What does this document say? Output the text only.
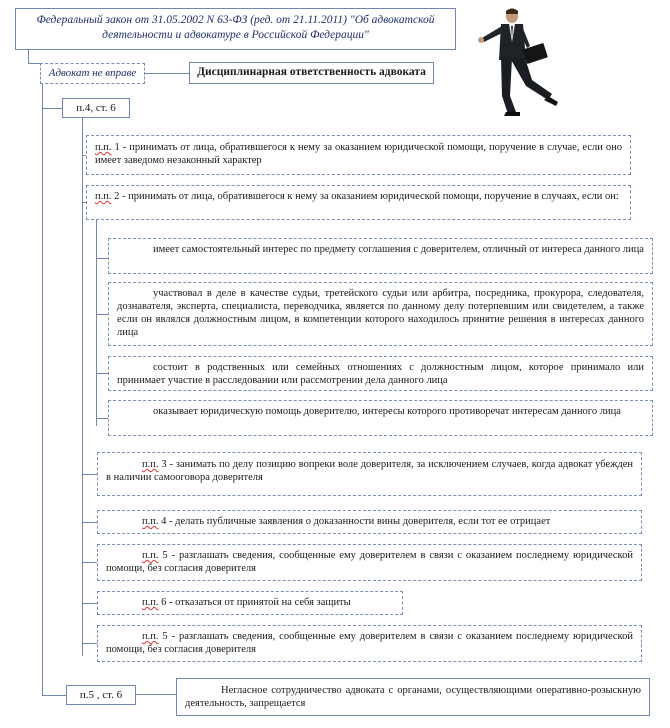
Федеральный закон от 31.05.2002 N 63-ФЗ (ред. от 21.11.2011) "Об адвокатской деятельности и адвокатуре в Российской Федерации"
Адвокат не вправе	Дисциплинарная ответственность адвоката
п.4, ст. 6
п.п. 1 - принимать от лица, обратившегося к нему за оказанием юридической помощи, поручение в случае, если оно имеет заведомо незаконный характер
п.п. 2 - принимать от лица, обратившегося к нему за оказанием юридической помощи, поручение в случаях, если он:
имеет самостоятельный интерес по предмету соглашения с доверителем, отличный от интереса данного лица
участвовал в деле в качестве судьи, третейского судьи или арбитра, посредника, прокурора, следователя, дознавателя, эксперта, специалиста, переводчика, является по данному делу потерпевшим или свидетелем, а также если он являлся должностным лицом, в компетенции которого находилось принятие решения в интересах данного лица
состоит в родственных или семейных отношениях с должностным лицом, которое принимало или принимает участие в расследовании или рассмотрении дела данного лица
оказывает юридическую помощь доверителю, интересы которого противоречат интересам данного лица
п.п. 3 - занимать по делу позицию вопреки воле доверителя, за исключением случаев, когда адвокат убежден в наличии самооговора доверителя
п.п. 4 - делать публичные заявления о доказанности вины доверителя, если тот ее отрицает
п.п. 5 - разглашать сведения, сообщенные ему доверителем в связи с оказанием последнему юридической помощи, без согласия доверителя
п.п. 6 - отказаться от принятой на себя защиты
п.п. 5 - разглашать сведения, сообщенные ему доверителем в связи с оказанием последнему юридической помощи, без согласия доверителя
п.5 , ст. 6	Негласное сотрудничество адвоката с органами, осуществляющими оперативно-розыскную деятельность, запрещается
